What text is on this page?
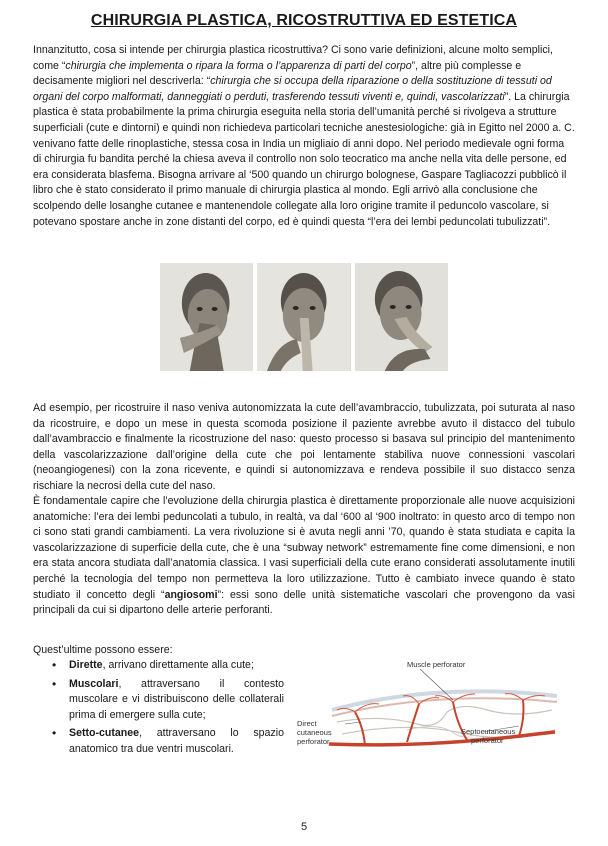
CHIRURGIA PLASTICA, RICOSTRUTTIVA ED ESTETICA

Innanzitutto, cosa si intende per chirurgia plastica ricostruttiva? Ci sono varie definizioni, alcune molto semplici, come “chirurgia che implementa o ripara la forma o l’apparenza di parti del corpo”, altre più complesse e decisamente migliori nel descriverla: “chirurgia che si occupa della riparazione o della sostituzione di tessuti od organi del corpo malformati, danneggiati o perduti, trasferendo tessuti viventi e, quindi, vascolarizzati”. La chirurgia plastica è stata probabilmente la prima chirurgia eseguita nella storia dell’umanità perché si rivolgeva a strutture superficiali (cute e dintorni) e quindi non richiedeva particolari tecniche anestesiologiche: già in Egitto nel 2000 a. C. venivano fatte delle rinoplastiche, stessa cosa in India un migliaio di anni dopo. Nel periodo medievale ogni forma di chirurgia fu bandita perché la chiesa aveva il controllo non solo teocratico ma anche nella vita delle persone, ed era considerata blasfema. Bisogna arrivare al ‘500 quando un chirurgo bolognese, Gaspare Tagliacozzi pubblicò il libro che è stato considerato il primo manuale di chirurgia plastica al mondo. Egli arrivò alla conclusione che scolpendo delle losanghe cutanee e mantenendole collegate alla loro origine tramite il peduncolo vascolare, si potevano spostare anche in zone distanti del corpo, ed è quindi questa “l’era dei lembi peduncolati tubulizzati”.

Ad esempio, per ricostruire il naso veniva autonomizzata la cute dell’avambraccio, tubulizzata, poi suturata al naso da ricostruire, e dopo un mese in questa scomoda posizione il paziente avrebbe avuto il distacco del tubulo dall’avambraccio e finalmente la ricostruzione del naso: questo processo si basava sul principio del mantenimento della vascolarizzazione dall’origine della cute che poi lentamente stabiliva nuove connessioni vascolari (neoangiogenesi) con la zona ricevente, e quindi si autonomizzava e rendeva possibile il suo distacco senza rischiare la necrosi della cute del naso.

È fondamentale capire che l’evoluzione della chirurgia plastica è direttamente proporzionale alle nuove acquisizioni anatomiche: l’era dei lembi peduncolati a tubulo, in realtà, va dal ‘600 al ‘900 inoltrato: in questo arco di tempo non ci sono stati grandi cambiamenti. La vera rivoluzione si è avuta negli anni ’70, quando è stata studiata e capita la vascolarizzazione di superficie della cute, che è una “subway network” estremamente fine come dimensioni, e non era stata ancora studiata dall’anatomia classica. I vasi superficiali della cute erano considerati assolutamente inutili perché la tecnologia del tempo non permetteva la loro utilizzazione. Tutto è cambiato invece quando è stato studiato il concetto degli “angiosomi”: essi sono delle unità sistematiche vascolari che provengono da vasi principali da cui si dipartono delle arterie perforanti.

Quest’ultime possono essere:
• Dirette, arrivano direttamente alla cute;
• Muscolari, attraversano il contesto muscolare e vi distribuiscono delle collaterali prima di emergere sulla cute;
• Setto-cutanee, attraversano lo spazio anatomico tra due ventri muscolari.
Muscle perforator
Direct
cutaneous
perforator
Septocutaneous
perforator
5
